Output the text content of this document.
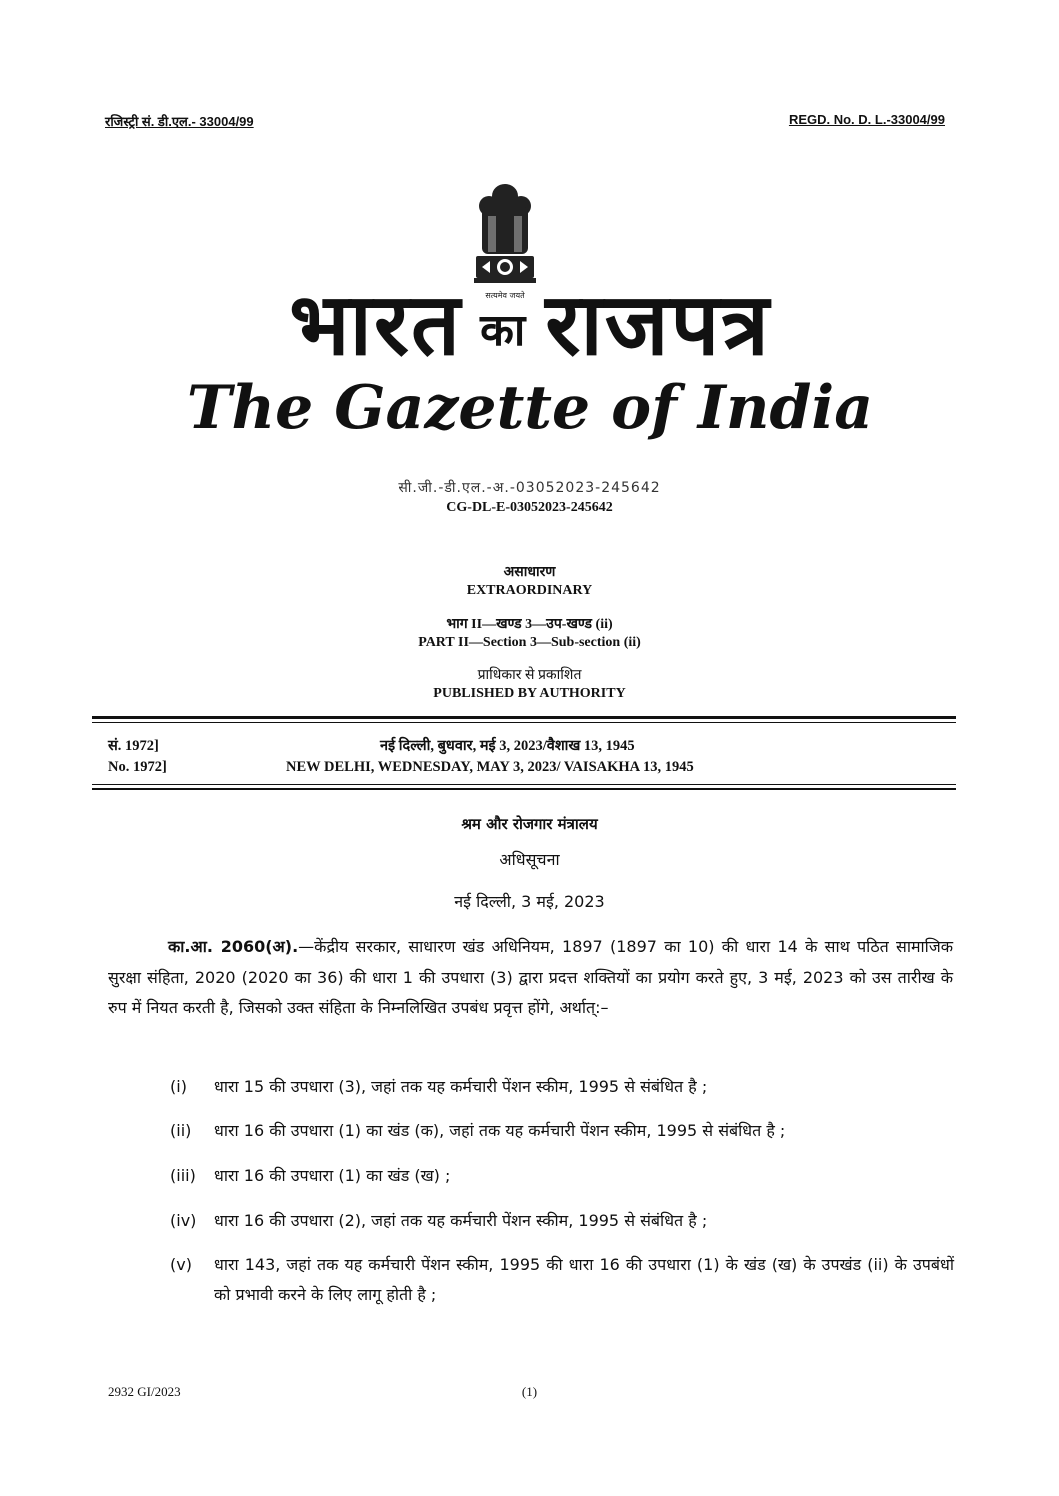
रजिस्ट्री सं. डी.एल.- 33004/99	REGD. No. D. L.-33004/99
सत्यमेव जयते
भारत का राजपत्र
The Gazette of India
सी.जी.-डी.एल.-अ.-03052023-245642
CG-DL-E-03052023-245642
असाधारण
EXTRAORDINARY
भाग II—खण्ड 3—उप-खण्ड (ii)
PART II—Section 3—Sub-section (ii)
प्राधिकार से प्रकाशित
PUBLISHED BY AUTHORITY
सं. 1972]	नई दिल्ली, बुधवार, मई 3, 2023/वैशाख 13, 1945
No. 1972]	NEW DELHI, WEDNESDAY, MAY 3, 2023/ VAISAKHA 13, 1945
श्रम और रोजगार मंत्रालय
अधिसूचना
नई दिल्ली, 3 मई, 2023
का.आ. 2060(अ).—केंद्रीय सरकार, साधारण खंड अधिनियम, 1897 (1897 का 10) की धारा 14 के साथ पठित सामाजिक सुरक्षा संहिता, 2020 (2020 का 36) की धारा 1 की उपधारा (3) द्वारा प्रदत्त शक्तियों का प्रयोग करते हुए, 3 मई, 2023 को उस तारीख के रुप में नियत करती है, जिसको उक्त संहिता के निम्नलिखित उपबंध प्रवृत्त होंगे, अर्थात्:–
(i)	धारा 15 की उपधारा (3), जहां तक यह कर्मचारी पेंशन स्कीम, 1995 से संबंधित है ;
(ii)	धारा 16 की उपधारा (1) का खंड (क), जहां तक यह कर्मचारी पेंशन स्कीम, 1995 से संबंधित है ;
(iii)	धारा 16 की उपधारा (1) का खंड (ख) ;
(iv)	धारा 16 की उपधारा (2), जहां तक यह कर्मचारी पेंशन स्कीम, 1995 से संबंधित है ;
(v)	धारा 143, जहां तक यह कर्मचारी पेंशन स्कीम, 1995 की धारा 16 की उपधारा (1) के खंड (ख) के उपखंड (ii) के उपबंधों को प्रभावी करने के लिए लागू होती है ;
2932 GI/2023	(1)
